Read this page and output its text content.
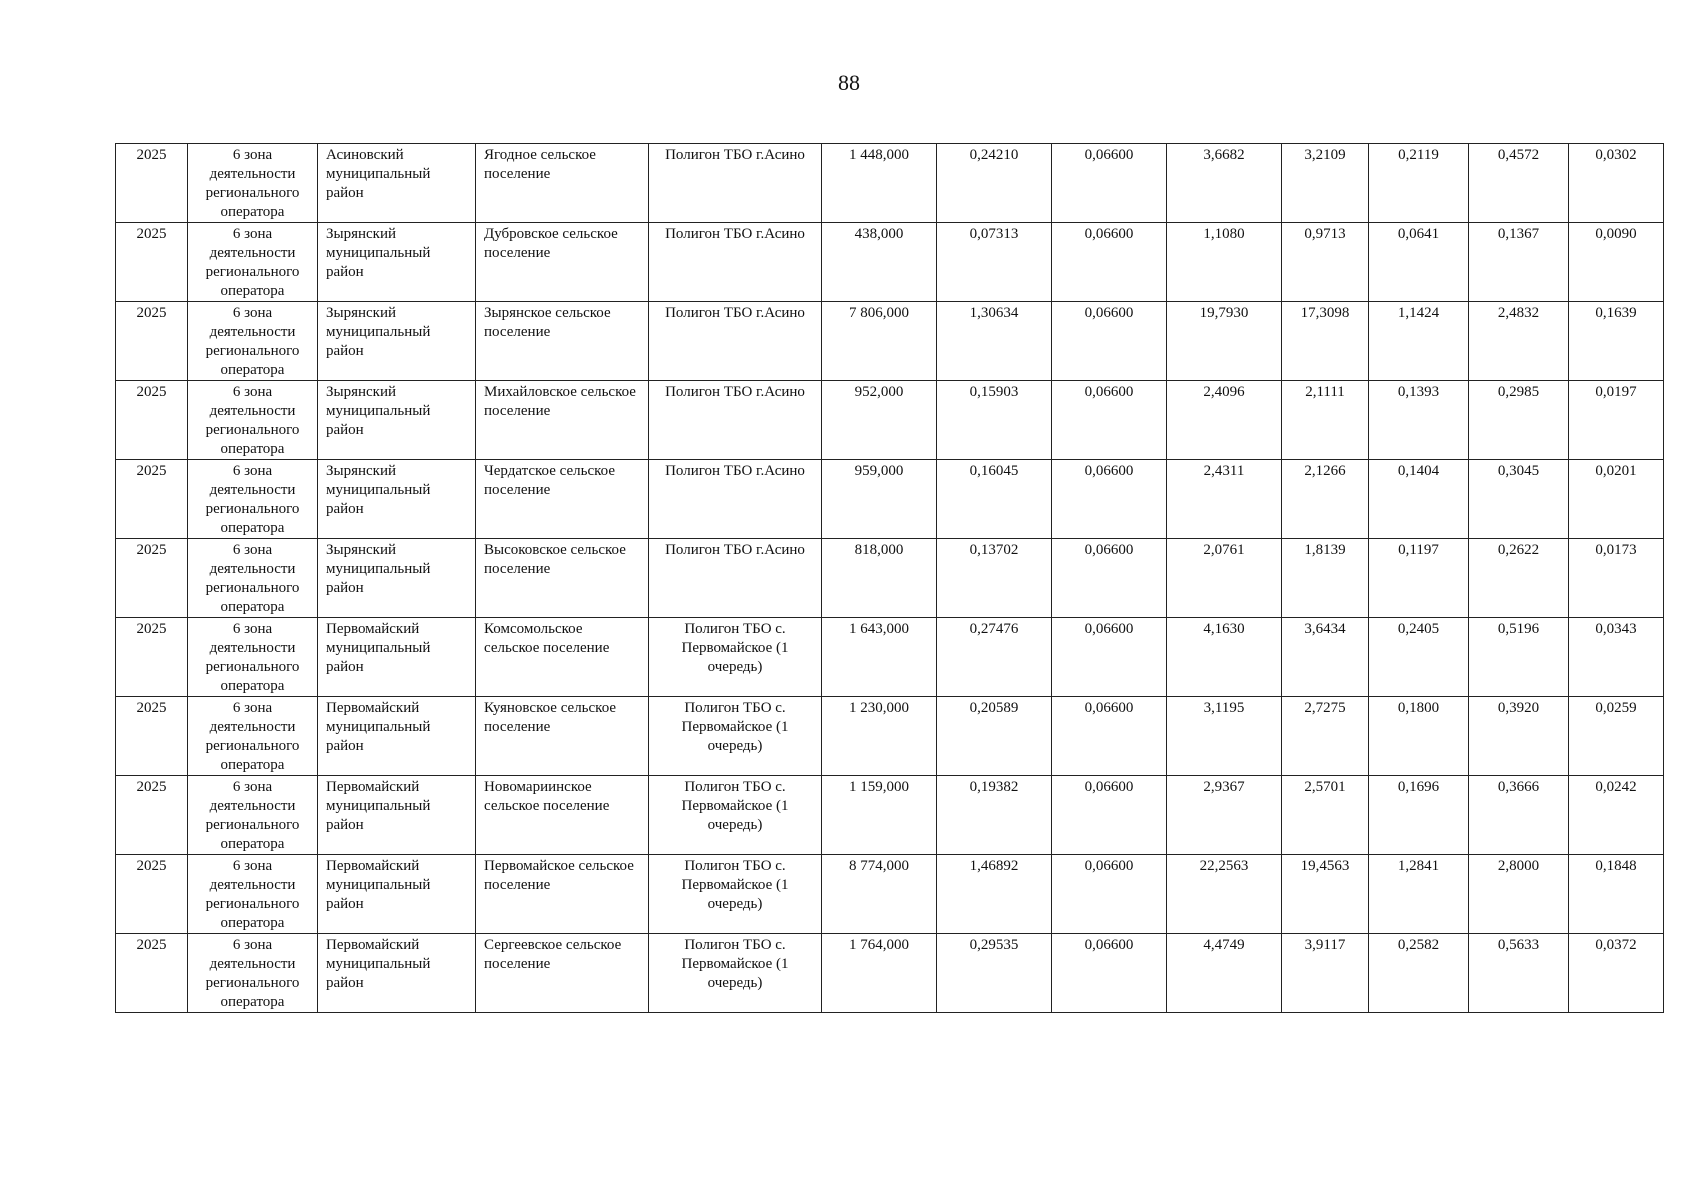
88
2025	6 зона деятельности регионального оператора	Асиновский муниципальный район	Ягодное сельское поселение	Полигон ТБО г.Асино	1 448,000	0,24210	0,06600	3,6682	3,2109	0,2119	0,4572	0,0302
2025	6 зона деятельности регионального оператора	Зырянский муниципальный район	Дубровское сельское поселение	Полигон ТБО г.Асино	438,000	0,07313	0,06600	1,1080	0,9713	0,0641	0,1367	0,0090
2025	6 зона деятельности регионального оператора	Зырянский муниципальный район	Зырянское сельское поселение	Полигон ТБО г.Асино	7 806,000	1,30634	0,06600	19,7930	17,3098	1,1424	2,4832	0,1639
2025	6 зона деятельности регионального оператора	Зырянский муниципальный район	Михайловское сельское поселение	Полигон ТБО г.Асино	952,000	0,15903	0,06600	2,4096	2,1111	0,1393	0,2985	0,0197
2025	6 зона деятельности регионального оператора	Зырянский муниципальный район	Чердатское сельское поселение	Полигон ТБО г.Асино	959,000	0,16045	0,06600	2,4311	2,1266	0,1404	0,3045	0,0201
2025	6 зона деятельности регионального оператора	Зырянский муниципальный район	Высоковское сельское поселение	Полигон ТБО г.Асино	818,000	0,13702	0,06600	2,0761	1,8139	0,1197	0,2622	0,0173
2025	6 зона деятельности регионального оператора	Первомайский муниципальный район	Комсомольское сельское поселение	Полигон ТБО с. Первомайское (1 очередь)	1 643,000	0,27476	0,06600	4,1630	3,6434	0,2405	0,5196	0,0343
2025	6 зона деятельности регионального оператора	Первомайский муниципальный район	Куяновское сельское поселение	Полигон ТБО с. Первомайское (1 очередь)	1 230,000	0,20589	0,06600	3,1195	2,7275	0,1800	0,3920	0,0259
2025	6 зона деятельности регионального оператора	Первомайский муниципальный район	Новомариинское сельское поселение	Полигон ТБО с. Первомайское (1 очередь)	1 159,000	0,19382	0,06600	2,9367	2,5701	0,1696	0,3666	0,0242
2025	6 зона деятельности регионального оператора	Первомайский муниципальный район	Первомайское сельское поселение	Полигон ТБО с. Первомайское (1 очередь)	8 774,000	1,46892	0,06600	22,2563	19,4563	1,2841	2,8000	0,1848
2025	6 зона деятельности регионального оператора	Первомайский муниципальный район	Сергеевское сельское поселение	Полигон ТБО с. Первомайское (1 очередь)	1 764,000	0,29535	0,06600	4,4749	3,9117	0,2582	0,5633	0,0372
